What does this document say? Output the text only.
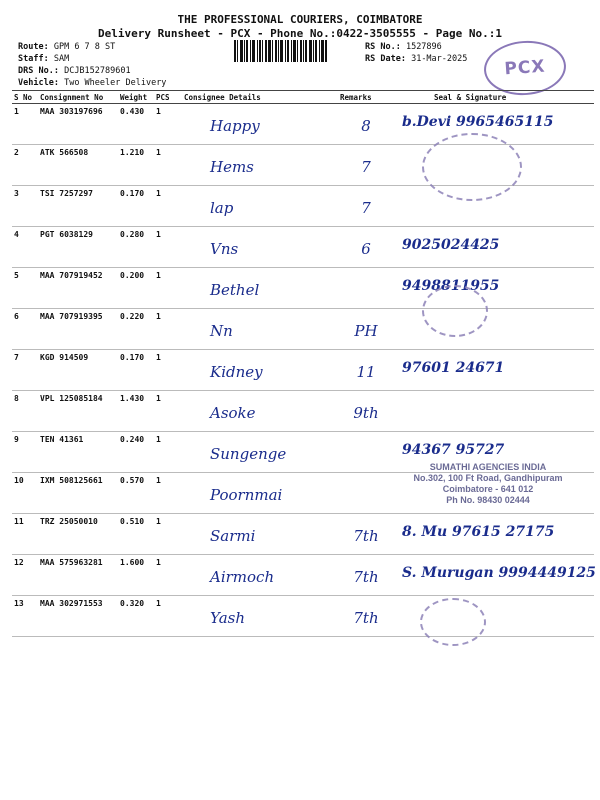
THE PROFESSIONAL COURIERS, COIMBATORE
Delivery Runsheet - PCX - Phone No.:0422-3505555 - Page No.:1
Route: GPM 6 7 8 ST
Staff: SAM
DRS No.: DCJB152789601
Vehicle: Two Wheeler Delivery
RS No.: 1527896
RS Date: 31-Mar-2025	PCX
S No	Consignment No	Weight	PCS	Consignee Details	Remarks	Seal & Signature
1	MAA 303197696	0.430	1	Happy	8	b.Devi 9965465115

2	ATK 566508	1.210	1	Hems	7	

3	TSI 7257297	0.170	1	lap	7	

4	PGT 6038129	0.280	1	Vns	6	9025024425

5	MAA 707919452	0.200	1	Bethel		9498811955

6	MAA 707919395	0.220	1	Nn	PH	

7	KGD 914509	0.170	1	Kidney	11	97601 24671

8	VPL 125085184	1.430	1	Asoke	9th	

9	TEN 41361	0.240	1	Sungenge		94367 95727

10	IXM 508125661	0.570	1	Poornmai		

11	TRZ 25050010	0.510	1	Sarmi	7th	8. Mu 97615 27175

12	MAA 575963281	1.600	1	Airmoch	7th	S. Murugan 9994449125

13	MAA 302971553	0.320	1	Yash	7th	
SUMATHI AGENCIES INDIA
No.302, 100 Ft Road, Gandhipuram
Coimbatore - 641 012
Ph No. 98430 02444
